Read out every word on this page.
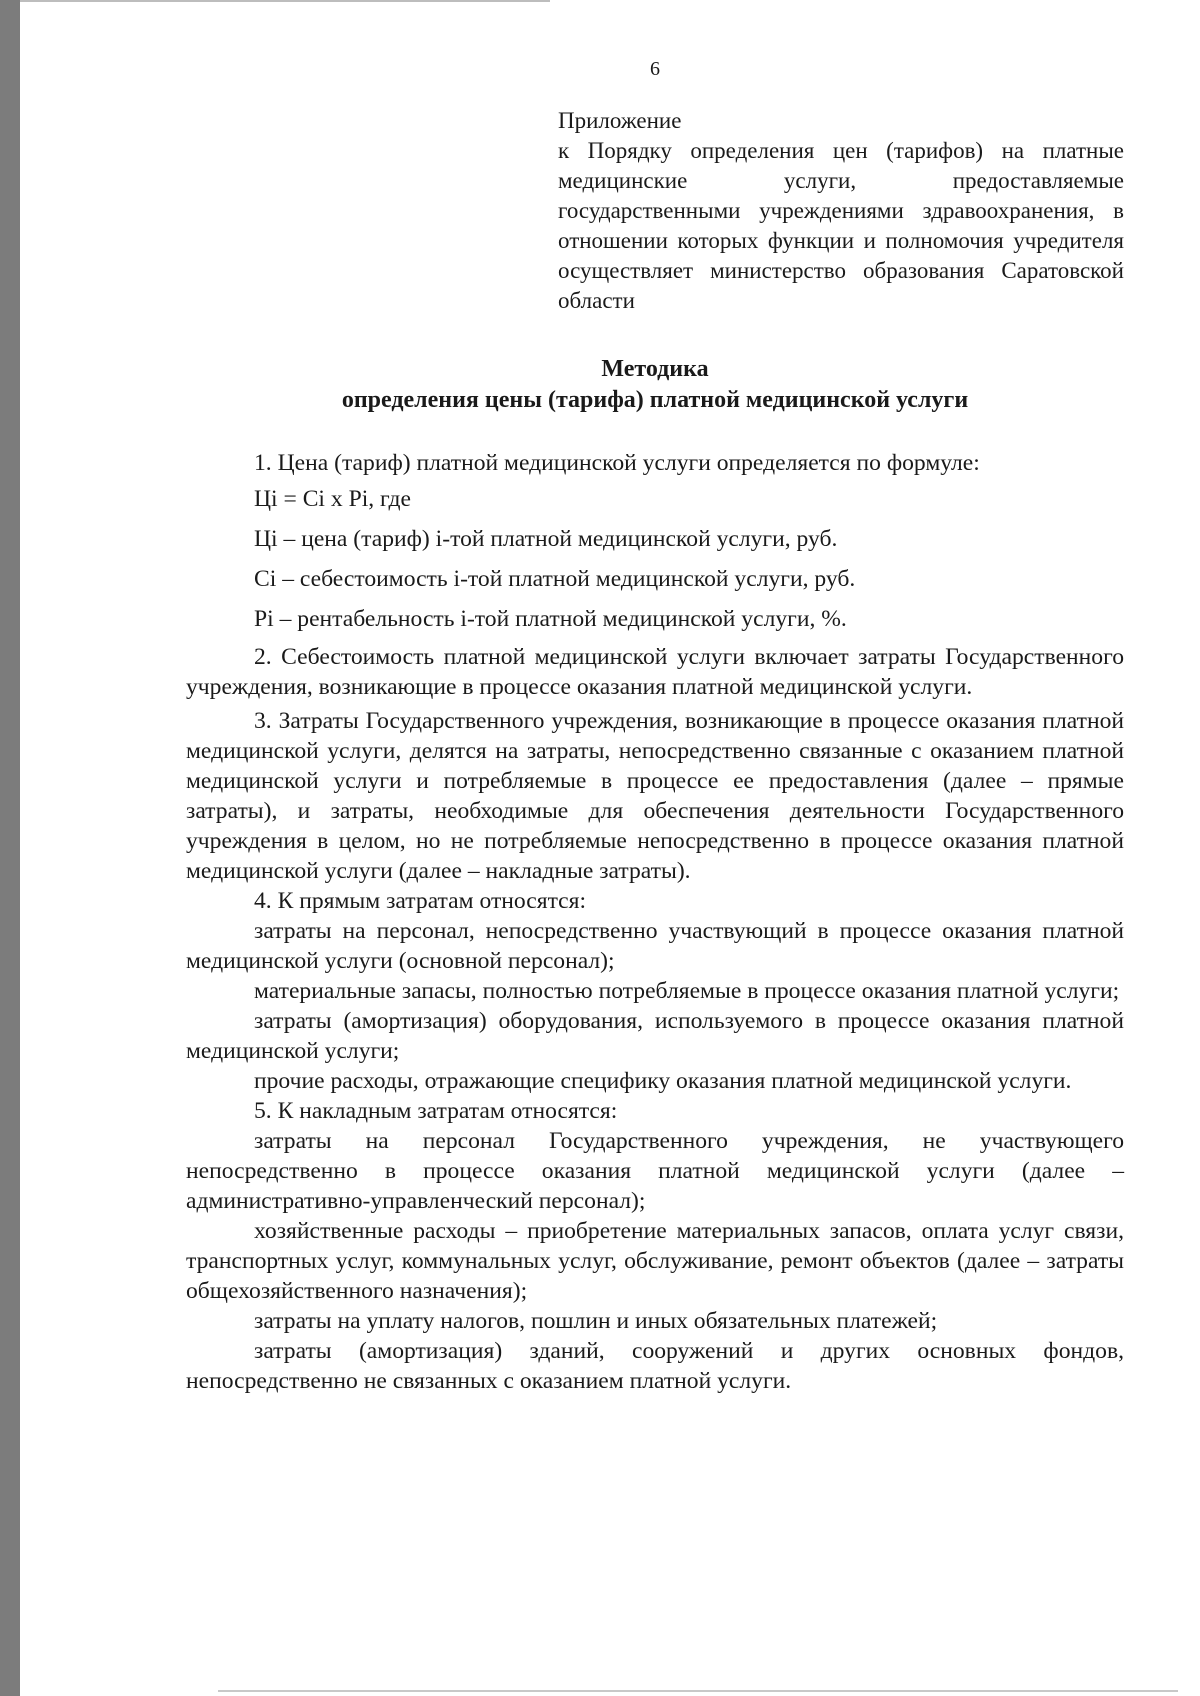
6

Приложение

к Порядку определения цен (тарифов) на платные медицинские услуги, предоставляемые государственными учреждениями здравоохранения, в отношении которых функции и полномочия учредителя осуществляет министерство образования Саратовской области

Методика
определения цены (тарифа) платной медицинской услуги

1. Цена (тариф) платной медицинской услуги определяется по формуле:

Цi = Ci x Pi, где

Цi – цена (тариф) i-той платной медицинской услуги, руб.

Ci – себестоимость i-той платной медицинской услуги, руб.

Pi – рентабельность i-той платной медицинской услуги, %.

2. Себестоимость платной медицинской услуги включает затраты Государственного учреждения, возникающие в процессе оказания платной медицинской услуги.

3. Затраты Государственного учреждения, возникающие в процессе оказания платной медицинской услуги, делятся на затраты, непосредственно связанные с оказанием платной медицинской услуги и потребляемые в процессе ее предоставления (далее – прямые затраты), и затраты, необходимые для обеспечения деятельности Государственного учреждения в целом, но не потребляемые непосредственно в процессе оказания платной медицинской услуги (далее – накладные затраты).

4. К прямым затратам относятся:

затраты на персонал, непосредственно участвующий в процессе оказания платной медицинской услуги (основной персонал);

материальные запасы, полностью потребляемые в процессе оказания платной услуги;

затраты (амортизация) оборудования, используемого в процессе оказания платной медицинской услуги;

прочие расходы, отражающие специфику оказания платной медицинской услуги.

5. К накладным затратам относятся:

затраты на персонал Государственного учреждения, не участвующего непосредственно в процессе оказания платной медицинской услуги (далее – административно-управленческий персонал);

хозяйственные расходы – приобретение материальных запасов, оплата услуг связи, транспортных услуг, коммунальных услуг, обслуживание, ремонт объектов (далее – затраты общехозяйственного назначения);

затраты на уплату налогов, пошлин и иных обязательных платежей;

затраты (амортизация) зданий, сооружений и других основных фондов, непосредственно не связанных с оказанием платной услуги.
